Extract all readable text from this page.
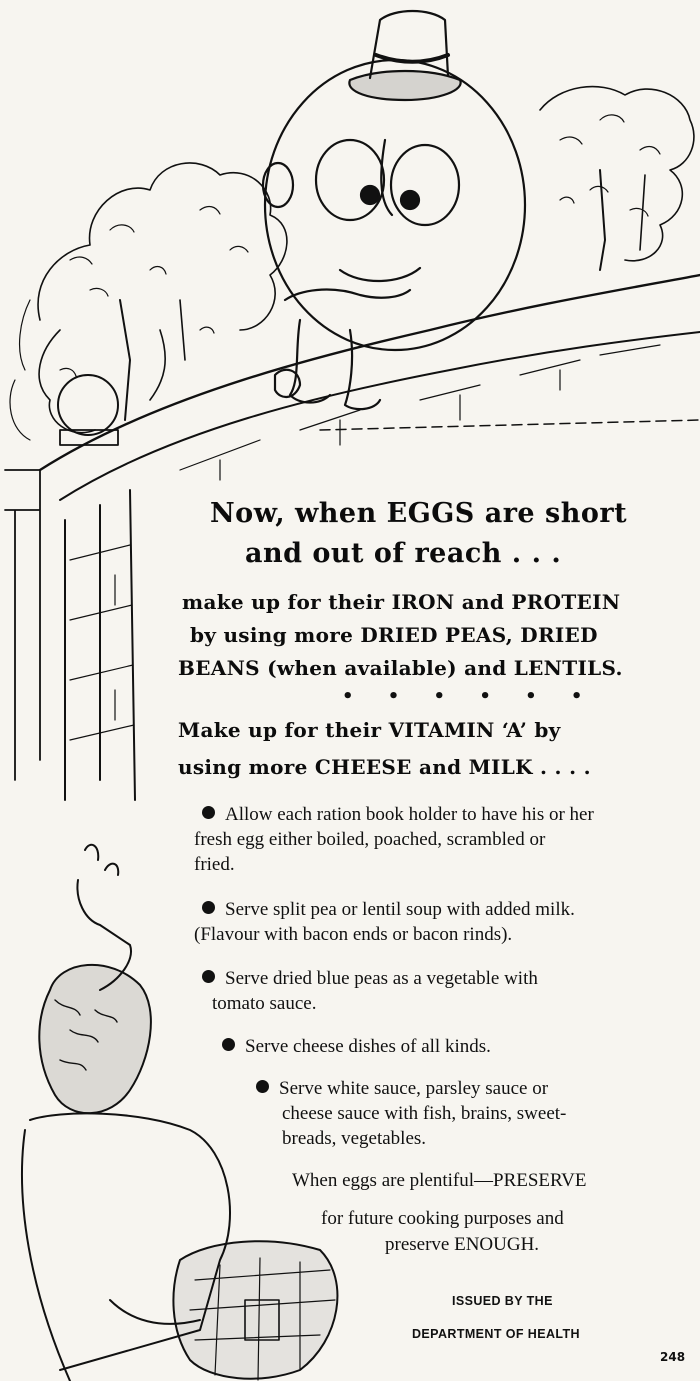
Now, when EGGS are short
and out of reach . . .
make up for their IRON and PROTEIN
by using more DRIED PEAS, DRIED
BEANS (when available) and LENTILS.
• • • • • •
Make up for their VITAMIN ‘A’ by
using more CHEESE and MILK . . . .
Allow each ration book holder to have his or her
fresh egg either boiled, poached, scrambled or
fried.
Serve split pea or lentil soup with added milk.
(Flavour with bacon ends or bacon rinds).
Serve dried blue peas as a vegetable with
tomato sauce.
Serve cheese dishes of all kinds.
Serve white sauce, parsley sauce or
cheese sauce with fish, brains, sweet-
breads, vegetables.
When eggs are plentiful—PRESERVE
for future cooking purposes and
preserve ENOUGH.
ISSUED BY THE
DEPARTMENT OF HEALTH
248
